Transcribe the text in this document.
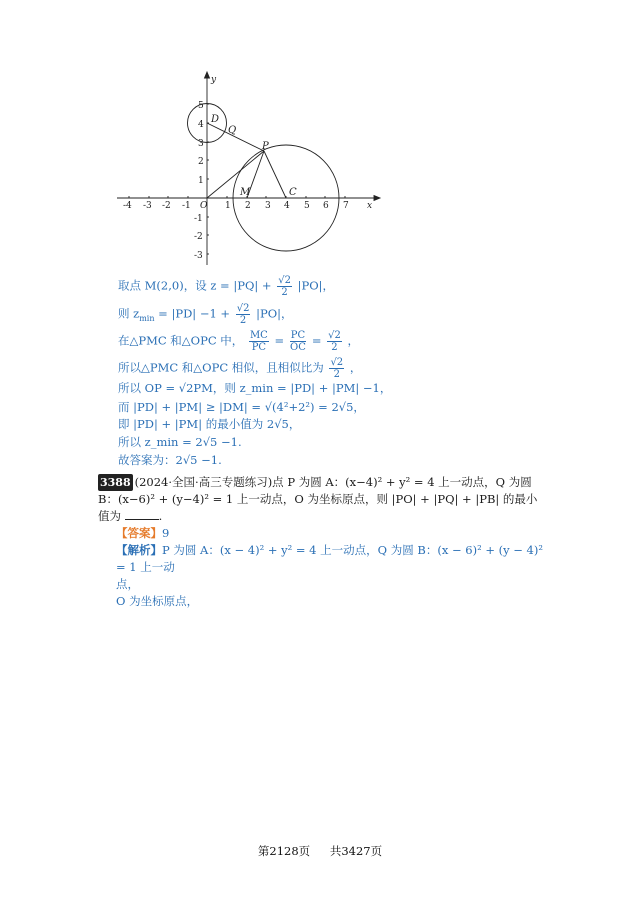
-4 -3 -2 -1 O 1 2 3 4 5 6 7 x
5
4
3
2
1
-1
-2
-3
y
D
Q
P
M	C
取点 M(2,0)，设 $z = |PQ| + \frac{√2}{2} |PO|$，
则 $z_{min} = |PD| -1 + \frac{√2}{2} |PO|$，
在△PMC 和△OPC 中， $\frac{MC}{PC} = \frac{PC}{OC} = \frac{√2}{2}$ ，
所以△PMC 和△OPC 相似，且相似比为 $\frac{√2}{2}$ ，
所以 OP = √2PM，则 z_min = |PD| + |PM| −1，
而 |PD| + |PM| ≥ |DM| = √(4²+2²) = 2√5，
即 |PD| + |PM| 的最小值为 2√5，
所以 z_min = 2√5 −1.
故答案为：2√5 −1.
3388 (2024·全国·高三专题练习)点 P 为圆 A：(x−4)² + y² = 4 上一动点，Q 为圆 B：(x−6)² + (y−4)² = 1 上一动点，O 为坐标原点，则 |PO| + |PQ| + |PB| 的最小值为	.
【答案】9
【解析】P 为圆 A：(x − 4)² + y² = 4 上一动点，Q 为圆 B：(x − 6)² + (y − 4)² = 1 上一动
点，
O 为坐标原点，
第2128页 共3427页
